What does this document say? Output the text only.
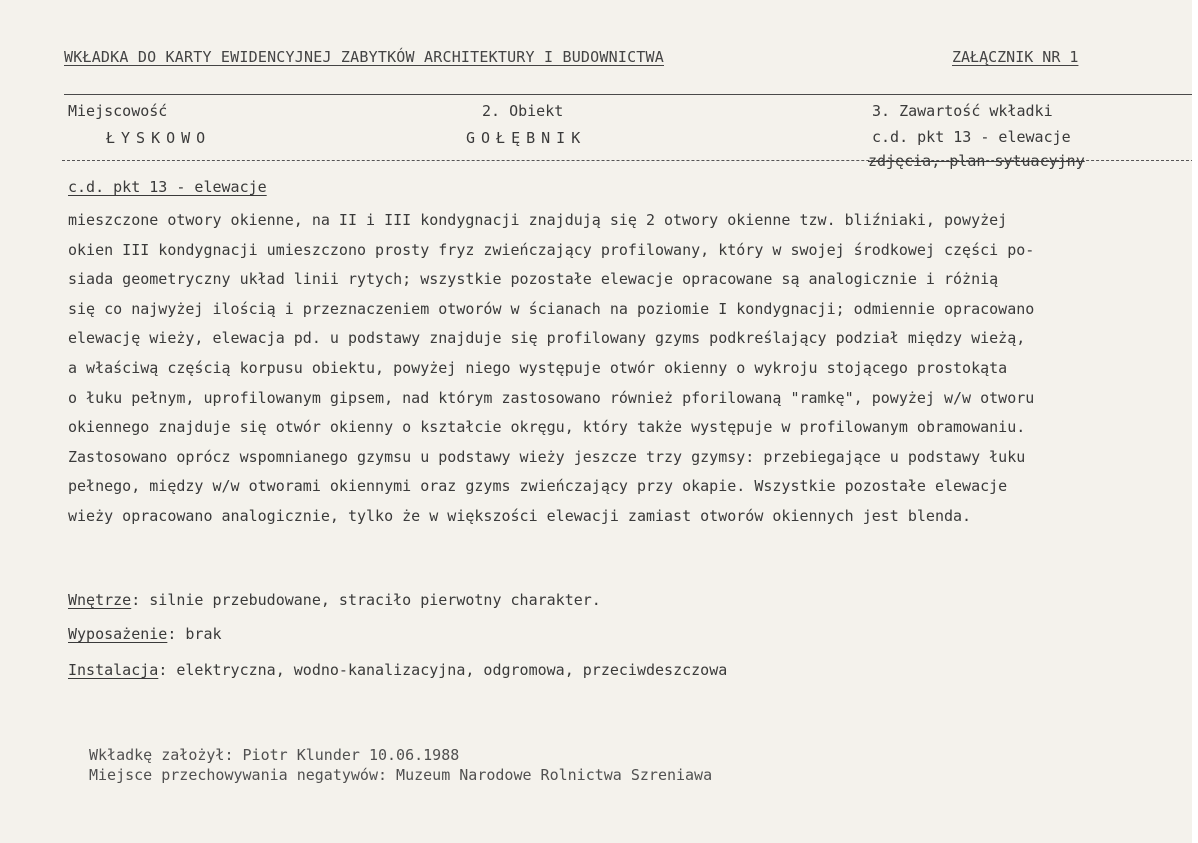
WKŁADKA DO KARTY EWIDENCYJNEJ ZABYTKÓW ARCHITEKTURY I BUDOWNICTWA	ZAŁĄCZNIK NR 1
Miejscowość
ŁYSKOWO
2. Obiekt
GOŁĘBNIK
3. Zawartość wkładki
c.d. pkt 13 - elewacje
zdjęcia, plan sytuacyjny
c.d. pkt 13 - elewacje
mieszczone otwory okienne, na II i III kondygnacji znajdują się 2 otwory okienne tzw. bliźniaki, powyżej
okien III kondygnacji umieszczono prosty fryz zwieńczający profilowany, który w swojej środkowej części po-
siada geometryczny układ linii rytych; wszystkie pozostałe elewacje opracowane są analogicznie i różnią
się co najwyżej ilością i przeznaczeniem otworów w ścianach na poziomie I kondygnacji; odmiennie opracowano
elewację wieży, elewacja pd. u podstawy znajduje się profilowany gzyms podkreślający podział między wieżą,
a właściwą częścią korpusu obiektu, powyżej niego występuje otwór okienny o wykroju stojącego prostokąta
o łuku pełnym, uprofilowanym gipsem, nad którym zastosowano również pforilowaną "ramkę", powyżej w/w otworu
okiennego znajduje się otwór okienny o kształcie okręgu, który także występuje w profilowanym obramowaniu.
Zastosowano oprócz wspomnianego gzymsu u podstawy wieży jeszcze trzy gzymsy: przebiegające u podstawy łuku
pełnego, między w/w otworami okiennymi oraz gzyms zwieńczający przy okapie. Wszystkie pozostałe elewacje
wieży opracowano analogicznie, tylko że w większości elewacji zamiast otworów okiennych jest blenda.
Wnętrze: silnie przebudowane, straciło pierwotny charakter.
Wyposażenie: brak
Instalacja: elektryczna, wodno-kanalizacyjna, odgromowa, przeciwdeszczowa
Wkładkę założył: Piotr Klunder 10.06.1988
Miejsce przechowywania negatywów: Muzeum Narodowe Rolnictwa Szreniawa
